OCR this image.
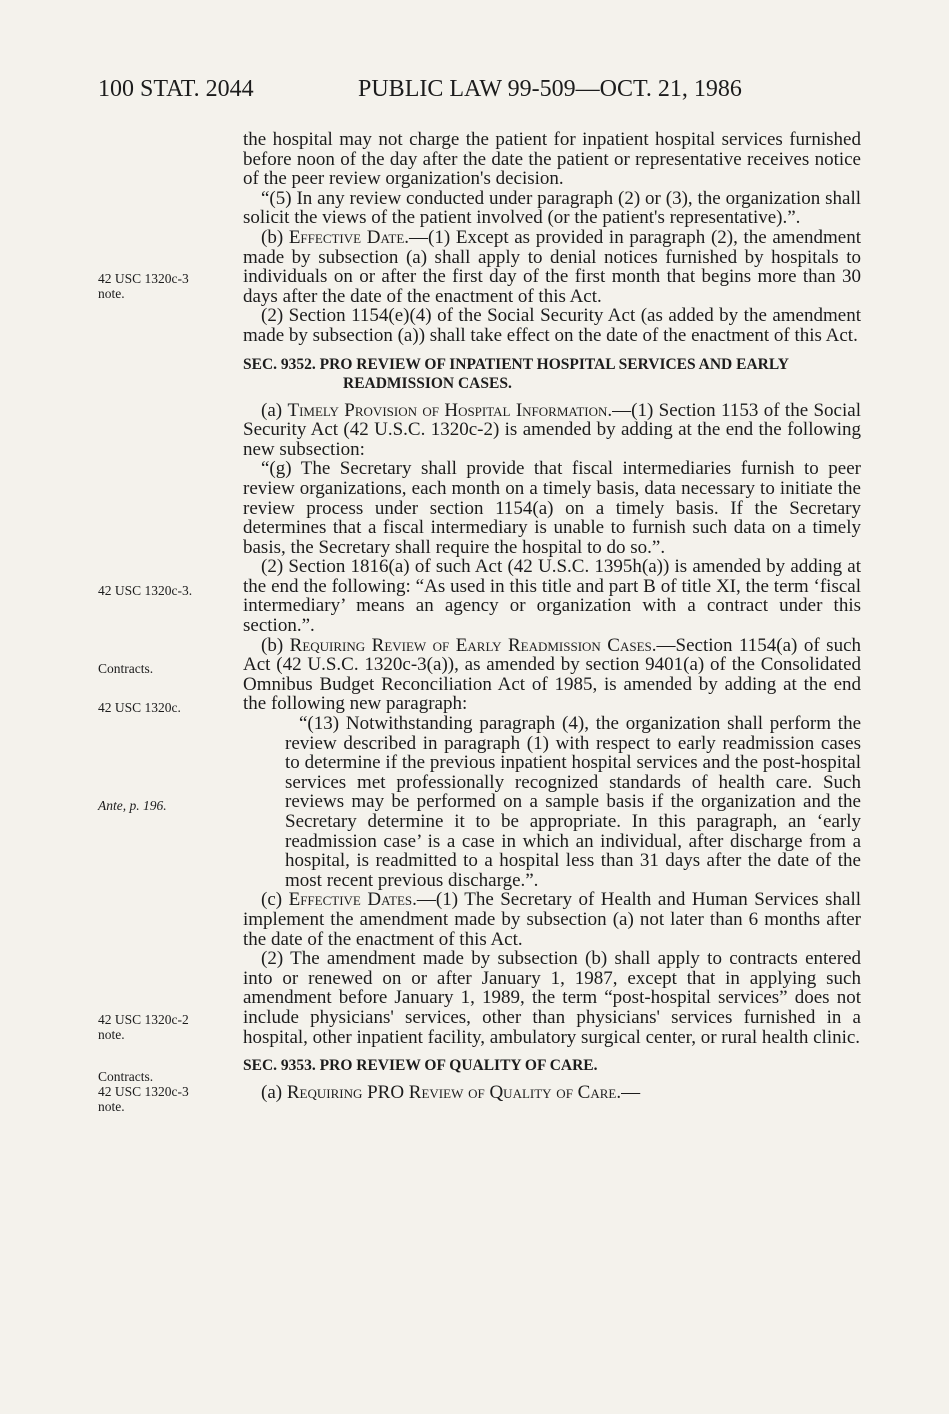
100 STAT. 2044	PUBLIC LAW 99-509—OCT. 21, 1986
42 USC 1320c-3
note.
42 USC 1320c-3.
Contracts.
42 USC 1320c.
Ante, p. 196.
42 USC 1320c-2
note.
Contracts.
42 USC 1320c-3
note.

the hospital may not charge the patient for inpatient hospital services furnished before noon of the day after the date the patient or representative receives notice of the peer review organization's decision.

“(5) In any review conducted under paragraph (2) or (3), the organization shall solicit the views of the patient involved (or the patient's representative).”.

(b) Effective Date.—(1) Except as provided in paragraph (2), the amendment made by subsection (a) shall apply to denial notices furnished by hospitals to individuals on or after the first day of the first month that begins more than 30 days after the date of the enactment of this Act.

(2) Section 1154(e)(4) of the Social Security Act (as added by the amendment made by subsection (a)) shall take effect on the date of the enactment of this Act.

SEC. 9352. PRO REVIEW OF INPATIENT HOSPITAL SERVICES AND EARLY READMISSION CASES.

(a) Timely Provision of Hospital Information.—(1) Section 1153 of the Social Security Act (42 U.S.C. 1320c-2) is amended by adding at the end the following new subsection:

“(g) The Secretary shall provide that fiscal intermediaries furnish to peer review organizations, each month on a timely basis, data necessary to initiate the review process under section 1154(a) on a timely basis. If the Secretary determines that a fiscal intermediary is unable to furnish such data on a timely basis, the Secretary shall require the hospital to do so.”.

(2) Section 1816(a) of such Act (42 U.S.C. 1395h(a)) is amended by adding at the end the following: “As used in this title and part B of title XI, the term ‘fiscal intermediary’ means an agency or organization with a contract under this section.”.

(b) Requiring Review of Early Readmission Cases.—Section 1154(a) of such Act (42 U.S.C. 1320c-3(a)), as amended by section 9401(a) of the Consolidated Omnibus Budget Reconciliation Act of 1985, is amended by adding at the end the following new paragraph:

“(13) Notwithstanding paragraph (4), the organization shall perform the review described in paragraph (1) with respect to early readmission cases to determine if the previous inpatient hospital services and the post-hospital services met professionally recognized standards of health care. Such reviews may be performed on a sample basis if the organization and the Secretary determine it to be appropriate. In this paragraph, an ‘early readmission case’ is a case in which an individual, after discharge from a hospital, is readmitted to a hospital less than 31 days after the date of the most recent previous discharge.”.

(c) Effective Dates.—(1) The Secretary of Health and Human Services shall implement the amendment made by subsection (a) not later than 6 months after the date of the enactment of this Act.

(2) The amendment made by subsection (b) shall apply to contracts entered into or renewed on or after January 1, 1987, except that in applying such amendment before January 1, 1989, the term “post-hospital services” does not include physicians' services, other than physicians' services furnished in a hospital, other inpatient facility, ambulatory surgical center, or rural health clinic.

SEC. 9353. PRO REVIEW OF QUALITY OF CARE.

(a) Requiring PRO Review of Quality of Care.—
